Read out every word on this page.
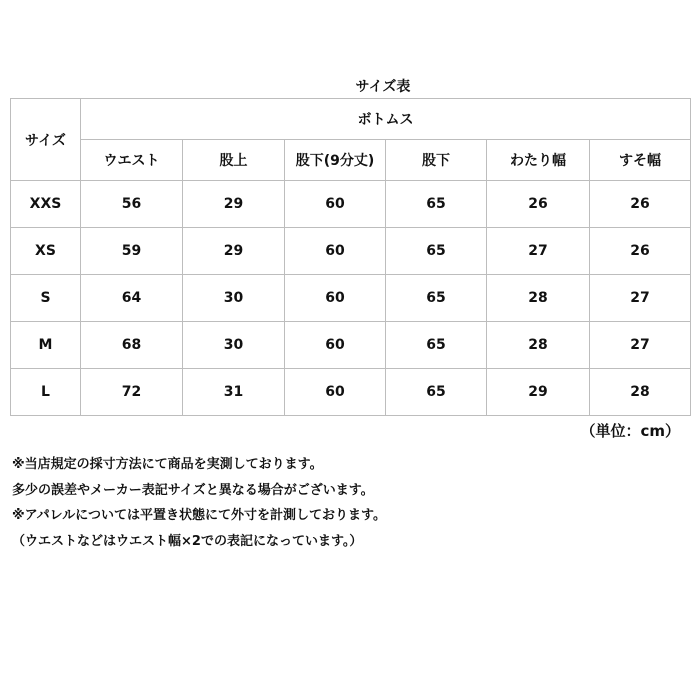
サイズ表
サイズ	ボトムス					
	ウエスト	股上	股下(9分丈)	股下	わたり幅	すそ幅
XXS	56	29	60	65	26	26
XS	59	29	60	65	27	26
S	64	30	60	65	28	27
M	68	30	60	65	28	27
L	72	31	60	65	29	28
（単位：cm）
※当店規定の採寸方法にて商品を実測しております。
多少の誤差やメーカー表記サイズと異なる場合がございます。
※アパレルについては平置き状態にて外寸を計測しております。
（ウエストなどはウエスト幅×2での表記になっています。）
